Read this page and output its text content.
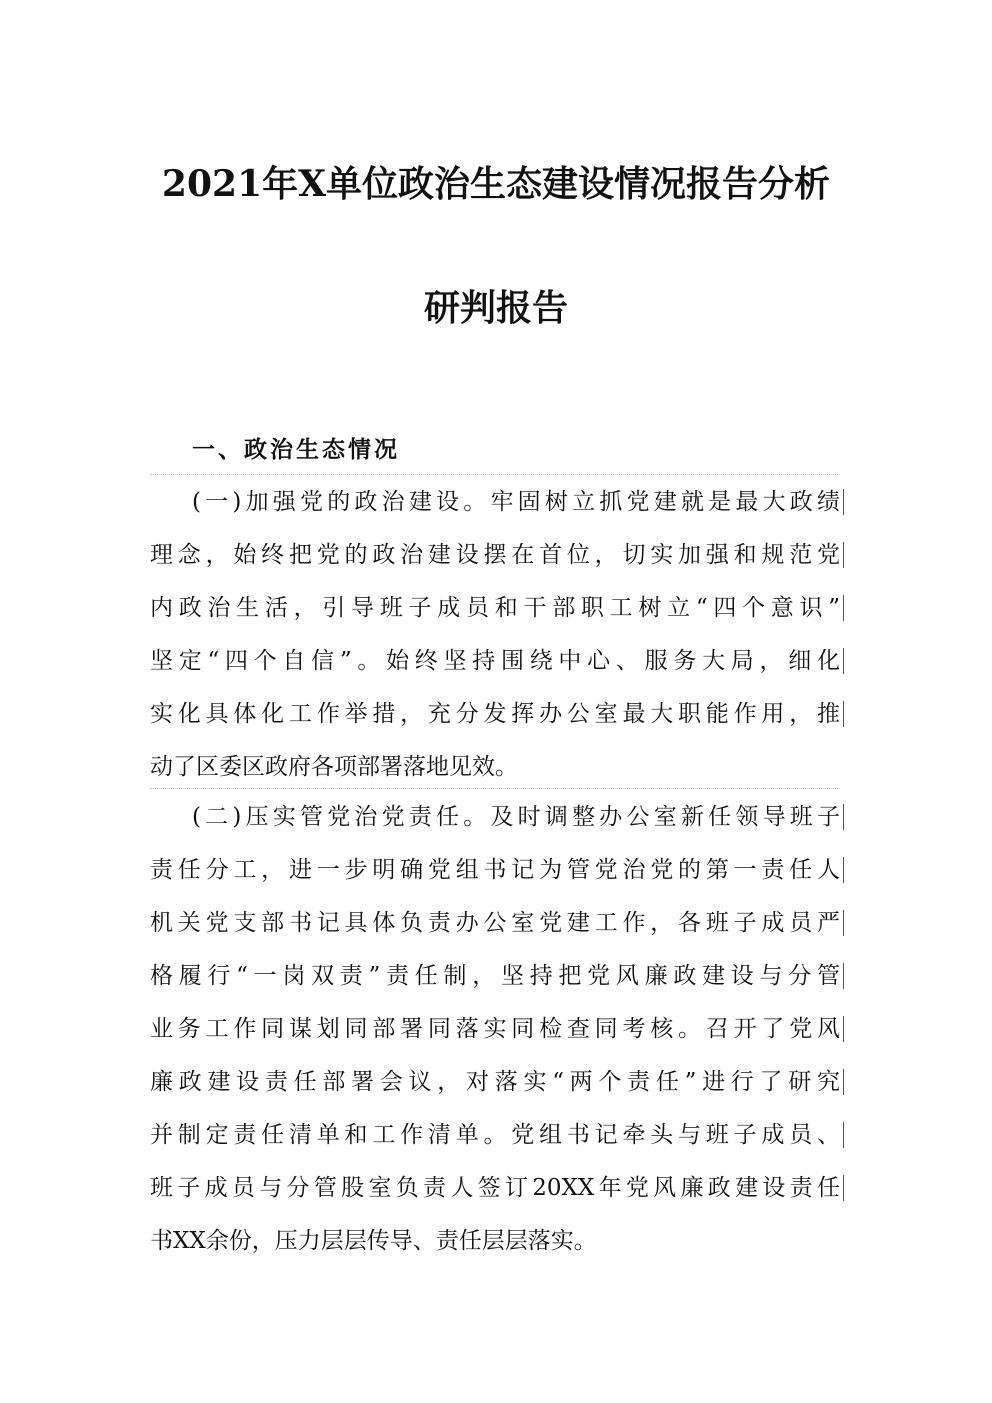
2021年X单位政治生态建设情况报告分析
研判报告
一、政治生态情况

(一)加强党的政治建设。牢固树立抓党建就是最大政绩

理念，始终把党的政治建设摆在首位，切实加强和规范党

内政治生活，引导班子成员和干部职工树立“四个意识”

坚定“四个自信”。始终坚持围绕中心、服务大局，细化

实化具体化工作举措，充分发挥办公室最大职能作用，推

动了区委区政府各项部署落地见效。

(二)压实管党治党责任。及时调整办公室新任领导班子

责任分工，进一步明确党组书记为管党治党的第一责任人

机关党支部书记具体负责办公室党建工作，各班子成员严

格履行“一岗双责”责任制，坚持把党风廉政建设与分管

业务工作同谋划同部署同落实同检查同考核。召开了党风

廉政建设责任部署会议，对落实“两个责任”进行了研究

并制定责任清单和工作清单。党组书记牵头与班子成员、

班子成员与分管股室负责人签订20XX年党风廉政建设责任

书XX余份，压力层层传导、责任层层落实。
